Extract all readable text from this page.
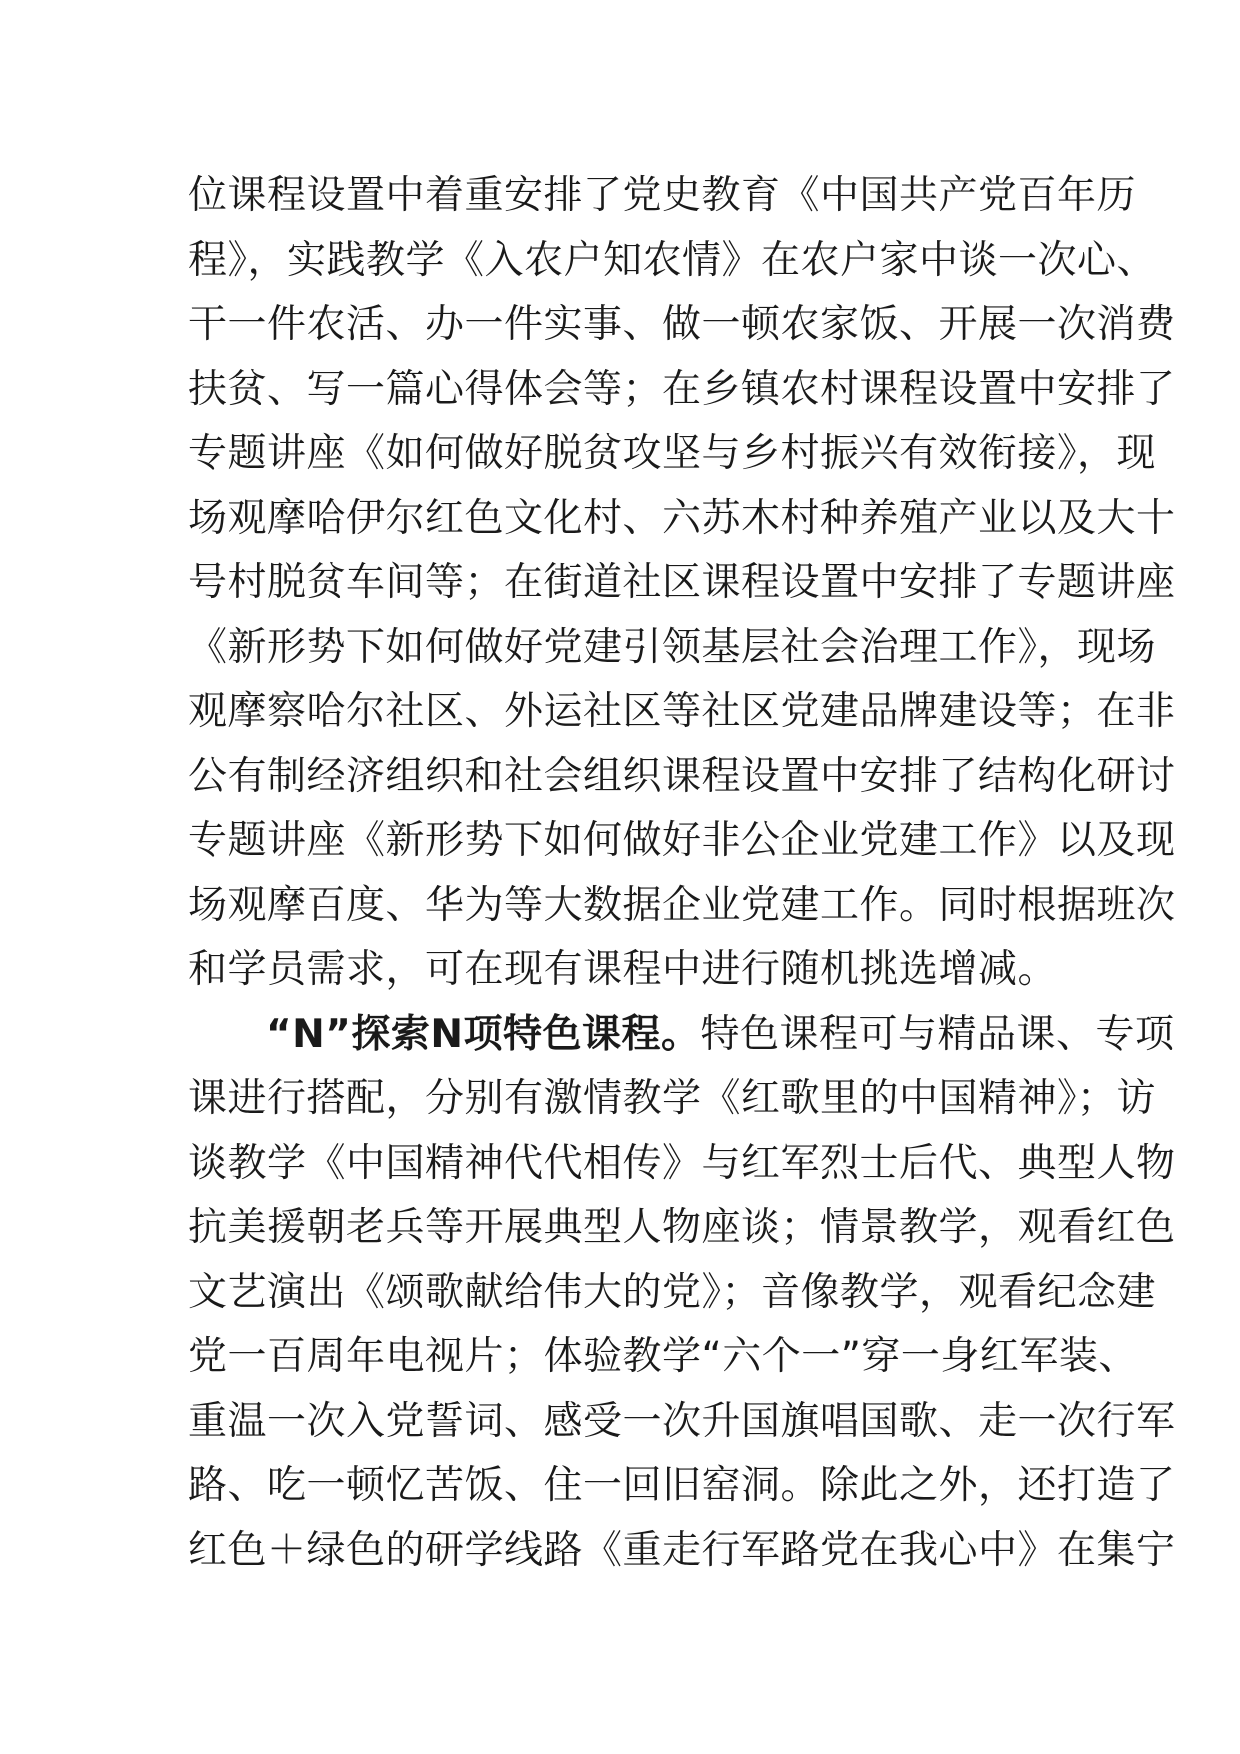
位课程设置中着重安排了党史教育《中国共产党百年历
程》，实践教学《入农户知农情》在农户家中谈一次心、
干一件农活、办一件实事、做一顿农家饭、开展一次消费
扶贫、写一篇心得体会等；在乡镇农村课程设置中安排了
专题讲座《如何做好脱贫攻坚与乡村振兴有效衔接》，现
场观摩哈伊尔红色文化村、六苏木村种养殖产业以及大十
号村脱贫车间等；在街道社区课程设置中安排了专题讲座
《新形势下如何做好党建引领基层社会治理工作》，现场
观摩察哈尔社区、外运社区等社区党建品牌建设等；在非
公有制经济组织和社会组织课程设置中安排了结构化研讨
专题讲座《新形势下如何做好非公企业党建工作》以及现
场观摩百度、华为等大数据企业党建工作。同时根据班次
和学员需求，可在现有课程中进行随机挑选增减。
“N”探索N项特色课程。特色课程可与精品课、专项
课进行搭配，分别有激情教学《红歌里的中国精神》；访
谈教学《中国精神代代相传》与红军烈士后代、典型人物
抗美援朝老兵等开展典型人物座谈；情景教学，观看红色
文艺演出《颂歌献给伟大的党》；音像教学，观看纪念建
党一百周年电视片；体验教学“六个一”穿一身红军装、
重温一次入党誓词、感受一次升国旗唱国歌、走一次行军
路、吃一顿忆苦饭、住一回旧窑洞。除此之外，还打造了
红色＋绿色的研学线路《重走行军路党在我心中》在集宁
